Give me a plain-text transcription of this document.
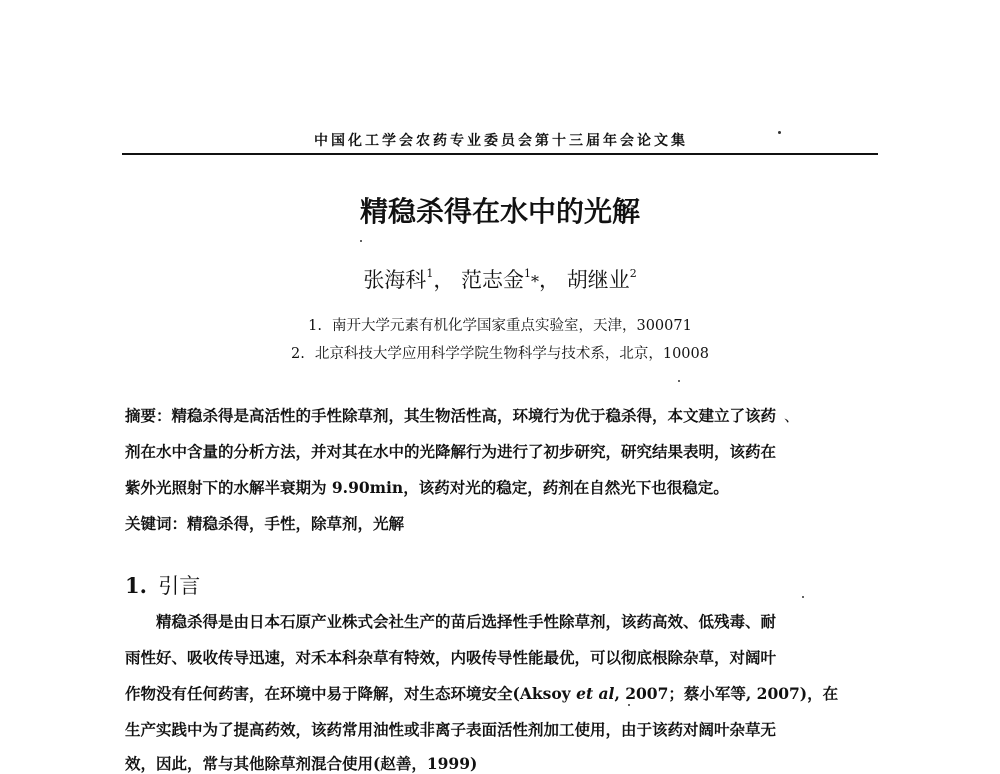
中国化工学会农药专业委员会第十三届年会论文集
精稳杀得在水中的光解
张海科$^1$， 范志金$^1$*， 胡继业$^2$
1. 南开大学元素有机化学国家重点实验室，天津，300071
2. 北京科技大学应用科学学院生物科学与技术系，北京，10008
摘要：精稳杀得是高活性的手性除草剂，其生物活性高，环境行为优于稳杀得，本文建立了该药 、
剂在水中含量的分析方法，并对其在水中的光降解行为进行了初步研究，研究结果表明，该药在
紫外光照射下的水解半衰期为 9.90min，该药对光的稳定，药剂在自然光下也很稳定。
关键词：精稳杀得，手性，除草剂，光解
1. 引言
精稳杀得是由日本石原产业株式会社生产的苗后选择性手性除草剂，该药高效、低残毒、耐
雨性好、吸收传导迅速，对禾本科杂草有特效，内吸传导性能最优，可以彻底根除杂草，对阔叶
作物没有任何药害，在环境中易于降解，对生态环境安全(Aksoy et al, 2007；蔡小军等, 2007)，在
生产实践中为了提高药效，该药常用油性或非离子表面活性剂加工使用，由于该药对阔叶杂草无
效，因此，常与其他除草剂混合使用(赵善，1999)
